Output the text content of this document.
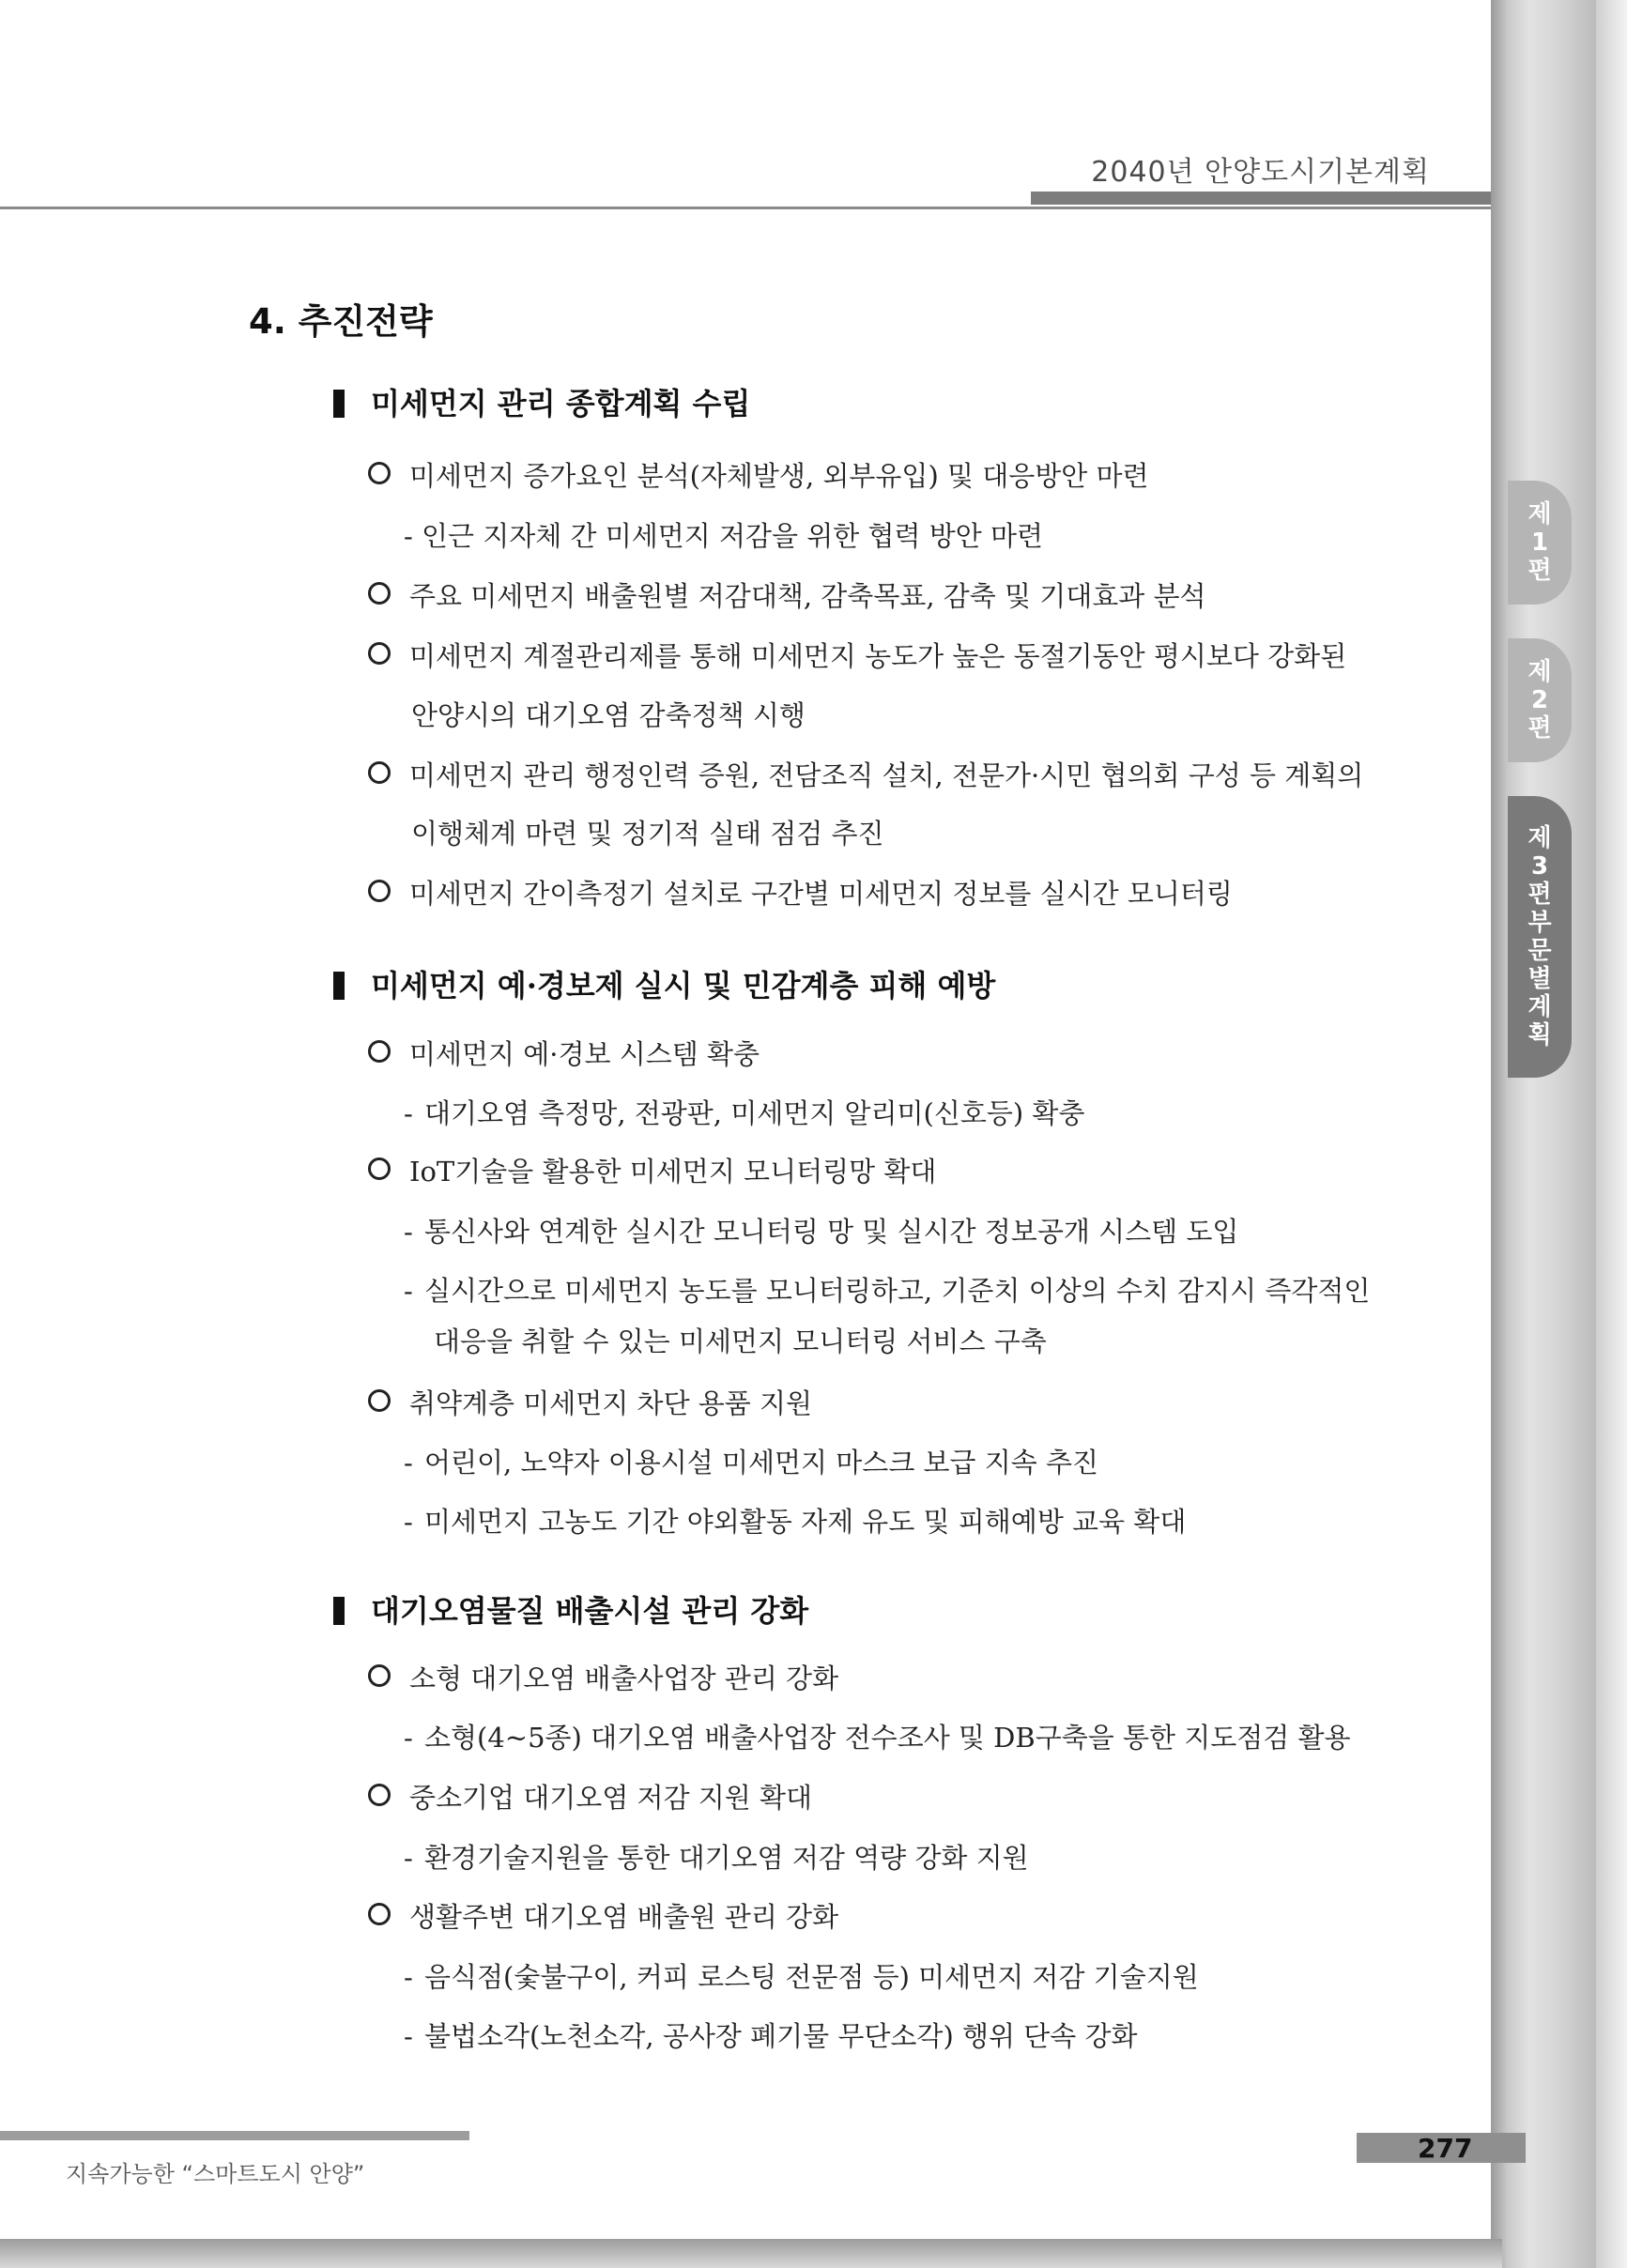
2040년 안양도시기본계획
제
1
편
제
2
편
제
3
편
부
문
별
계
획
4. 추진전략
미세먼지 관리 종합계획 수립
미세먼지 증가요인 분석(자체발생, 외부유입) 및 대응방안 마련
- 인근 지자체 간 미세먼지 저감을 위한 협력 방안 마련
주요 미세먼지 배출원별 저감대책, 감축목표, 감축 및 기대효과 분석
미세먼지 계절관리제를 통해 미세먼지 농도가 높은 동절기동안 평시보다 강화된
안양시의 대기오염 감축정책 시행
미세먼지 관리 행정인력 증원, 전담조직 설치, 전문가·시민 협의회 구성 등 계획의
이행체계 마련 및 정기적 실태 점검 추진
미세먼지 간이측정기 설치로 구간별 미세먼지 정보를 실시간 모니터링
미세먼지 예·경보제 실시 및 민감계층 피해 예방
미세먼지 예·경보 시스템 확충
- 대기오염 측정망, 전광판, 미세먼지 알리미(신호등) 확충
IoT기술을 활용한 미세먼지 모니터링망 확대
- 통신사와 연계한 실시간 모니터링 망 및 실시간 정보공개 시스템 도입
- 실시간으로 미세먼지 농도를 모니터링하고, 기준치 이상의 수치 감지시 즉각적인
대응을 취할 수 있는 미세먼지 모니터링 서비스 구축
취약계층 미세먼지 차단 용품 지원
- 어린이, 노약자 이용시설 미세먼지 마스크 보급 지속 추진
- 미세먼지 고농도 기간 야외활동 자제 유도 및 피해예방 교육 확대
대기오염물질 배출시설 관리 강화
소형 대기오염 배출사업장 관리 강화
- 소형(4~5종) 대기오염 배출사업장 전수조사 및 DB구축을 통한 지도점검 활용
중소기업 대기오염 저감 지원 확대
- 환경기술지원을 통한 대기오염 저감 역량 강화 지원
생활주변 대기오염 배출원 관리 강화
- 음식점(숯불구이, 커피 로스팅 전문점 등) 미세먼지 저감 기술지원
- 불법소각(노천소각, 공사장 폐기물 무단소각) 행위 단속 강화
지속가능한 “스마트도시 안양”
277
